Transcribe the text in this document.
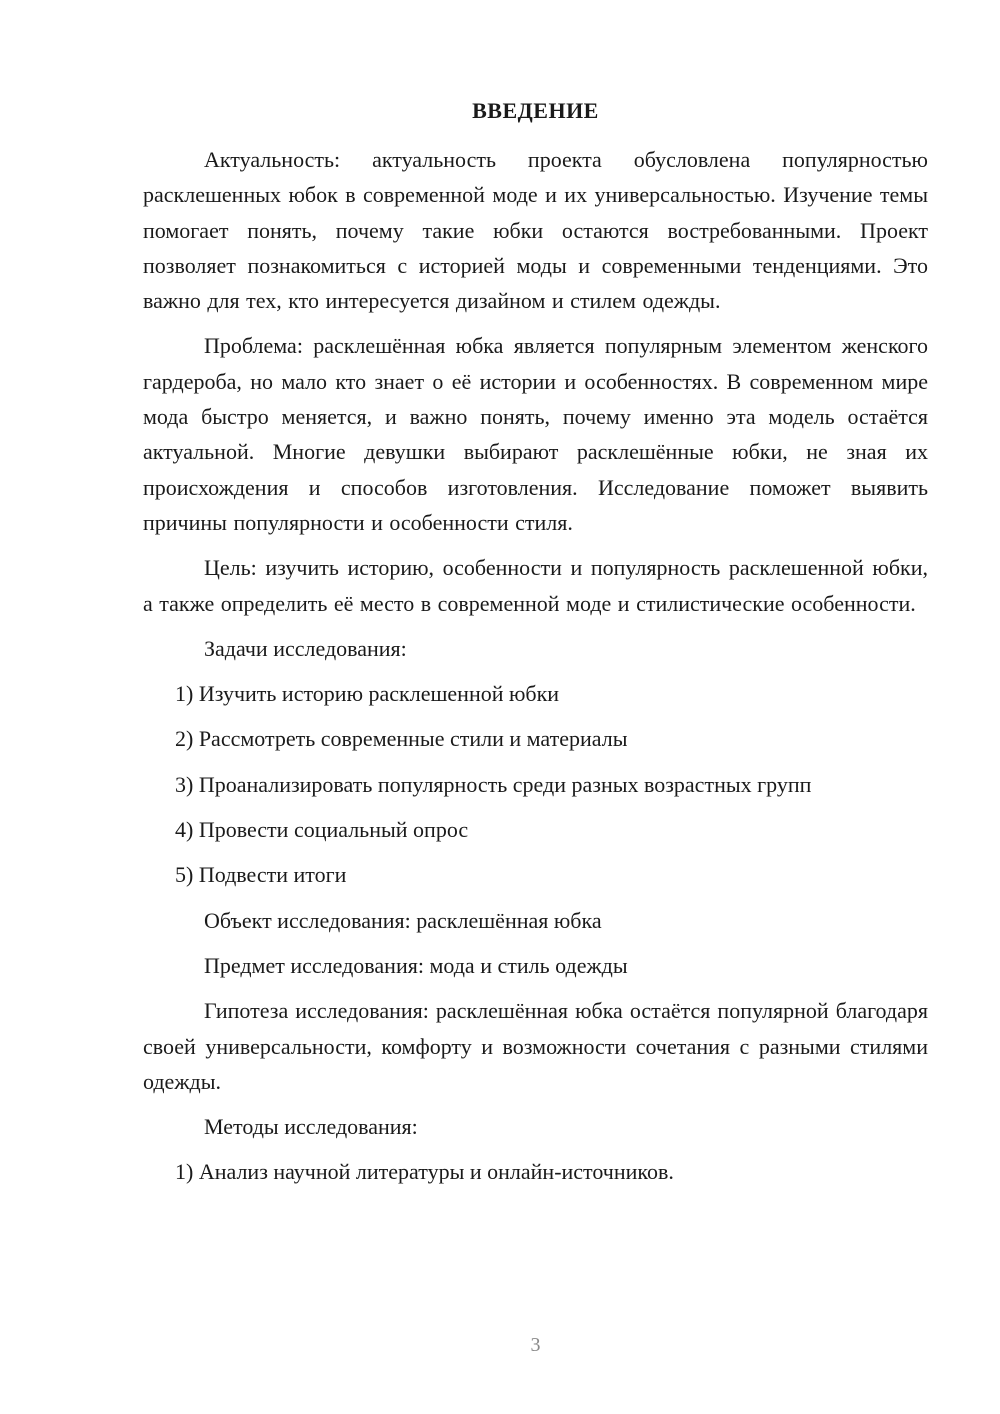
ВВЕДЕНИЕ

Актуальность: актуальность проекта обусловлена популярностью расклешенных юбок в современной моде и их универсальностью. Изучение темы помогает понять, почему такие юбки остаются востребованными. Проект позволяет познакомиться с историей моды и современными тенденциями. Это важно для тех, кто интересуется дизайном и стилем одежды.

Проблема: расклешённая юбка является популярным элементом женского гардероба, но мало кто знает о её истории и особенностях. В современном мире мода быстро меняется, и важно понять, почему именно эта модель остаётся актуальной. Многие девушки выбирают расклешённые юбки, не зная их происхождения и способов изготовления. Исследование поможет выявить причины популярности и особенности стиля.

Цель: изучить историю, особенности и популярность расклешенной юбки, а также определить её место в современной моде и стилистические особенности.

Задачи исследования:

1) Изучить историю расклешенной юбки

2) Рассмотреть современные стили и материалы

3) Проанализировать популярность среди разных возрастных групп

4) Провести социальный опрос

5) Подвести итоги

Объект исследования: расклешённая юбка

Предмет исследования: мода и стиль одежды

Гипотеза исследования: расклешённая юбка остаётся популярной благодаря своей универсальности, комфорту и возможности сочетания с разными стилями одежды.

Методы исследования:

1) Анализ научной литературы и онлайн-источников.

3
